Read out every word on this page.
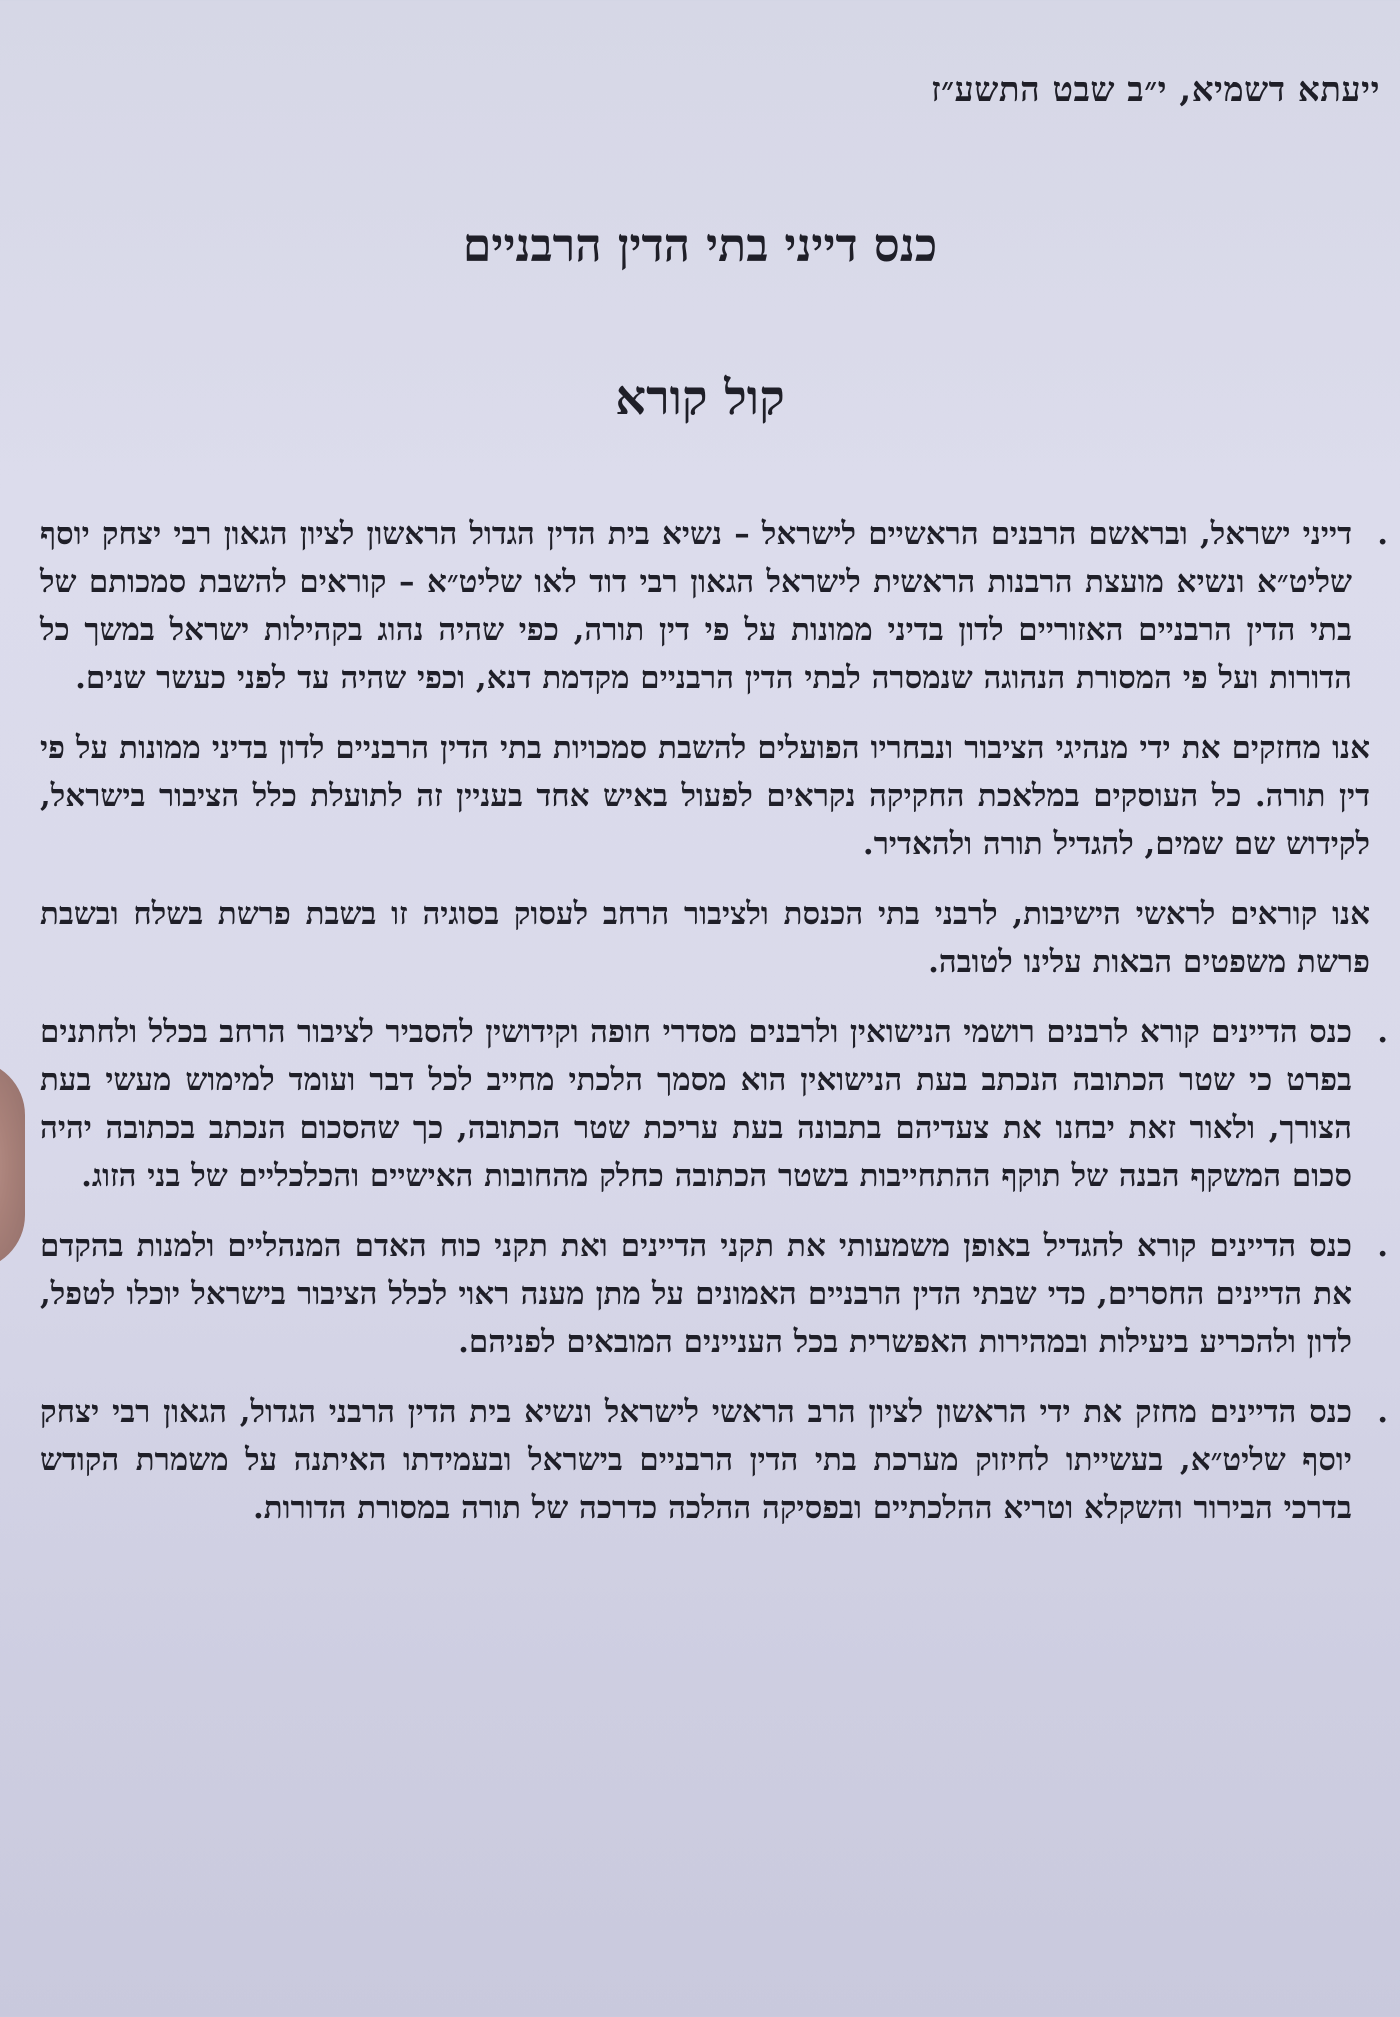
ייעתא דשמיא, י״ב שבט התשע״ז
כנס דייני בתי הדין הרבניים
קול קורא

.
דייני ישראל, ובראשם הרבנים הראשיים לישראל – נשיא בית הדין הגדול הראשון לציון הגאון רבי יצחק יוסף שליט״א ונשיא מועצת הרבנות הראשית לישראל הגאון רבי דוד לאו שליט״א – קוראים להשבת סמכותם של בתי הדין הרבניים האזוריים לדון בדיני ממונות על פי דין תורה, כפי שהיה נהוג בקהילות ישראל במשך כל הדורות ועל פי המסורת הנהוגה שנמסרה לבתי הדין הרבניים מקדמת דנא, וכפי שהיה עד לפני כעשר שנים.

אנו מחזקים את ידי מנהיגי הציבור ונבחריו הפועלים להשבת סמכויות בתי הדין הרבניים לדון בדיני ממונות על פי דין תורה. כל העוסקים במלאכת החקיקה נקראים לפעול באיש אחד בעניין זה לתועלת כלל הציבור בישראל, לקידוש שם שמים, להגדיל תורה ולהאדיר.

אנו קוראים לראשי הישיבות, לרבני בתי הכנסת ולציבור הרחב לעסוק בסוגיה זו בשבת פרשת בשלח ובשבת פרשת משפטים הבאות עלינו לטובה.

.
כנס הדיינים קורא לרבנים רושמי הנישואין ולרבנים מסדרי חופה וקידושין להסביר לציבור הרחב בכלל ולחתנים בפרט כי שטר הכתובה הנכתב בעת הנישואין הוא מסמך הלכתי מחייב לכל דבר ועומד למימוש מעשי בעת הצורך, ולאור זאת יבחנו את צעדיהם בתבונה בעת עריכת שטר הכתובה, כך שהסכום הנכתב בכתובה יהיה סכום המשקף הבנה של תוקף ההתחייבות בשטר הכתובה כחלק מהחובות האישיים והכלכליים של בני הזוג.

.
כנס הדיינים קורא להגדיל באופן משמעותי את תקני הדיינים ואת תקני כוח האדם המנהליים ולמנות בהקדם את הדיינים החסרים, כדי שבתי הדין הרבניים האמונים על מתן מענה ראוי לכלל הציבור בישראל יוכלו לטפל, לדון ולהכריע ביעילות ובמהירות האפשרית בכל העניינים המובאים לפניהם.

.
כנס הדיינים מחזק את ידי הראשון לציון הרב הראשי לישראל ונשיא בית הדין הרבני הגדול, הגאון רבי יצחק יוסף שליט״א, בעשייתו לחיזוק מערכת בתי הדין הרבניים בישראל ובעמידתו האיתנה על משמרת הקודש בדרכי הבירור והשקלא וטריא ההלכתיים ובפסיקה ההלכה כדרכה של תורה במסורת הדורות.
